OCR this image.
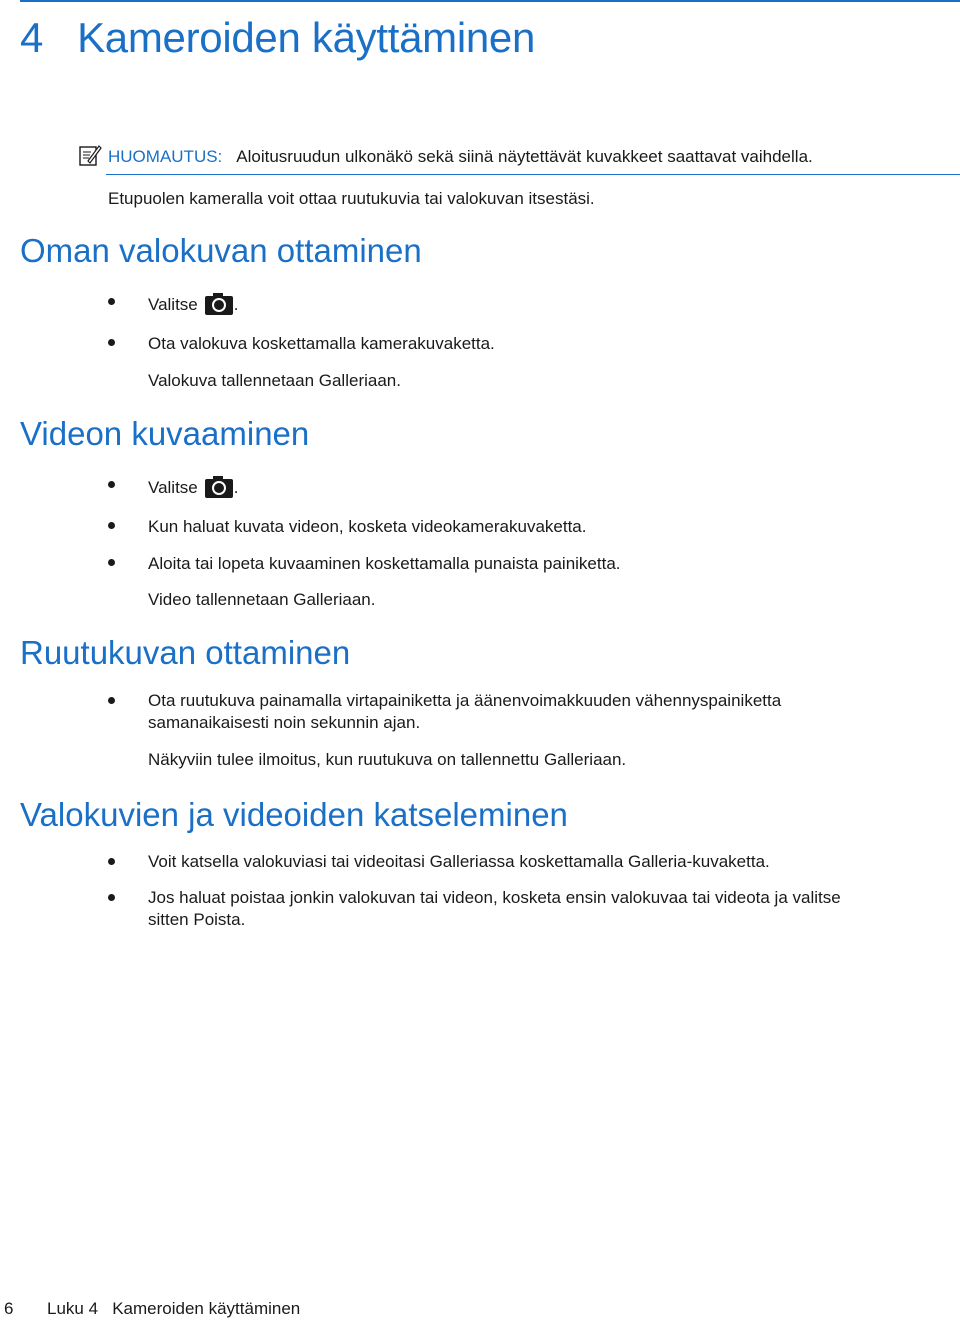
4 Kameroiden käyttäminen
HUOMAUTUS: Aloitusruudun ulkonäkö sekä siinä näytettävät kuvakkeet saattavat vaihdella.
Etupuolen kameralla voit ottaa ruutukuvia tai valokuvan itsestäsi.
Oman valokuvan ottaminen
Valitse .
Ota valokuva koskettamalla kamerakuvaketta.
Valokuva tallennetaan Galleriaan.
Videon kuvaaminen
Valitse .
Kun haluat kuvata videon, kosketa videokamerakuvaketta.
Aloita tai lopeta kuvaaminen koskettamalla punaista painiketta.
Video tallennetaan Galleriaan.
Ruutukuvan ottaminen
Ota ruutukuva painamalla virtapainiketta ja äänenvoimakkuuden vähennyspainiketta
samanaikaisesti noin sekunnin ajan.
Näkyviin tulee ilmoitus, kun ruutukuva on tallennettu Galleriaan.
Valokuvien ja videoiden katseleminen
Voit katsella valokuviasi tai videoitasi Galleriassa koskettamalla Galleria-kuvaketta.
Jos haluat poistaa jonkin valokuvan tai videon, kosketa ensin valokuvaa tai videota ja valitse
sitten Poista.
6 Luku 4   Kameroiden käyttäminen
